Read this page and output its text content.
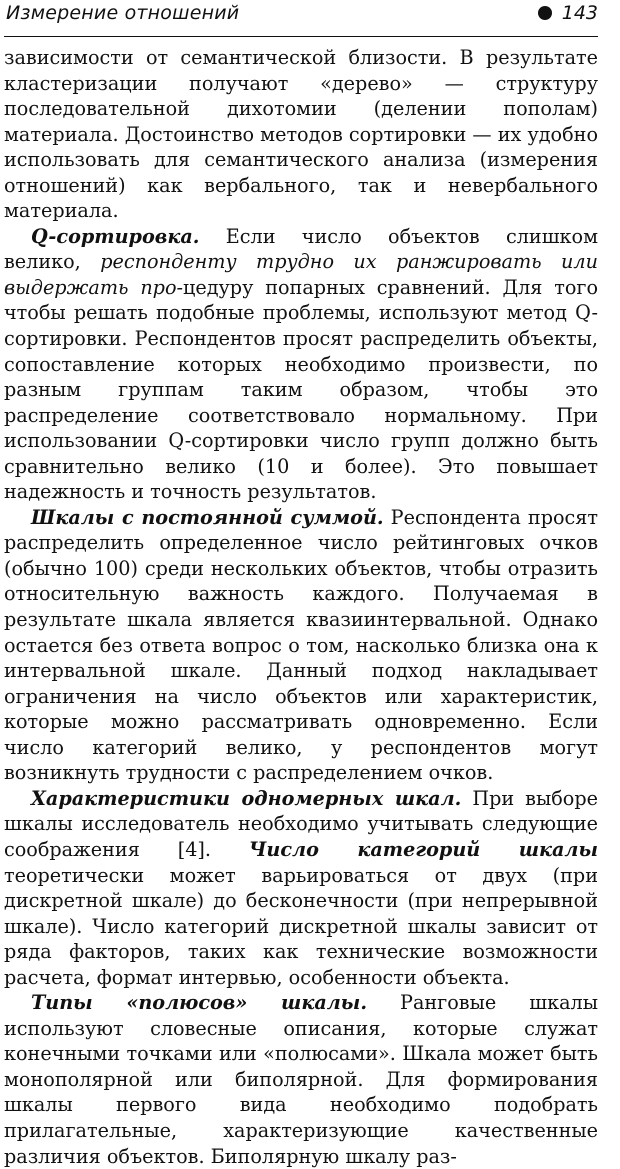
Измерение отношений	143

зависимости от семантической близости. В результате кластеризации получают «дерево» — структуру последовательной дихотомии (делении пополам) материала. Достоинство методов сортировки — их удобно использовать для семантического анализа (измерения отношений) как вербального, так и невербального материала.

Q-сортировка. Если число объектов слишком велико, респонденту трудно их ранжировать или выдержать про-цедуру попарных сравнений. Для того чтобы решать подобные проблемы, используют метод Q-сортировки. Респондентов просят распределить объекты, сопоставление которых необходимо произвести, по разным группам таким образом, чтобы это распределение соответствовало нормальному. При использовании Q-сортировки число групп должно быть сравнительно велико (10 и более). Это повышает надежность и точность результатов.

Шкалы с постоянной суммой. Респондента просят распределить определенное число рейтинговых очков (обычно 100) среди нескольких объектов, чтобы отразить относительную важность каждого. Получаемая в результате шкала является квазиинтервальной. Однако остается без ответа вопрос о том, насколько близка она к интервальной шкале. Данный подход накладывает ограничения на число объектов или характеристик, которые можно рассматривать одновременно. Если число категорий велико, у респондентов могут возникнуть трудности с распределением очков.

Характеристики одномерных шкал. При выборе шкалы исследователь необходимо учитывать следующие соображения [4]. Число категорий шкалы теоретически может варьироваться от двух (при дискретной шкале) до бесконечности (при непрерывной шкале). Число категорий дискретной шкалы зависит от ряда факторов, таких как технические возможности расчета, формат интервью, особенности объекта.

Типы «полюсов» шкалы. Ранговые шкалы используют словесные описания, которые служат конечными точками или «полюсами». Шкала может быть монополярной или биполярной. Для формирования шкалы первого вида необходимо подобрать прилагательные, характеризующие качественные различия объектов. Биполярную шкалу раз-
